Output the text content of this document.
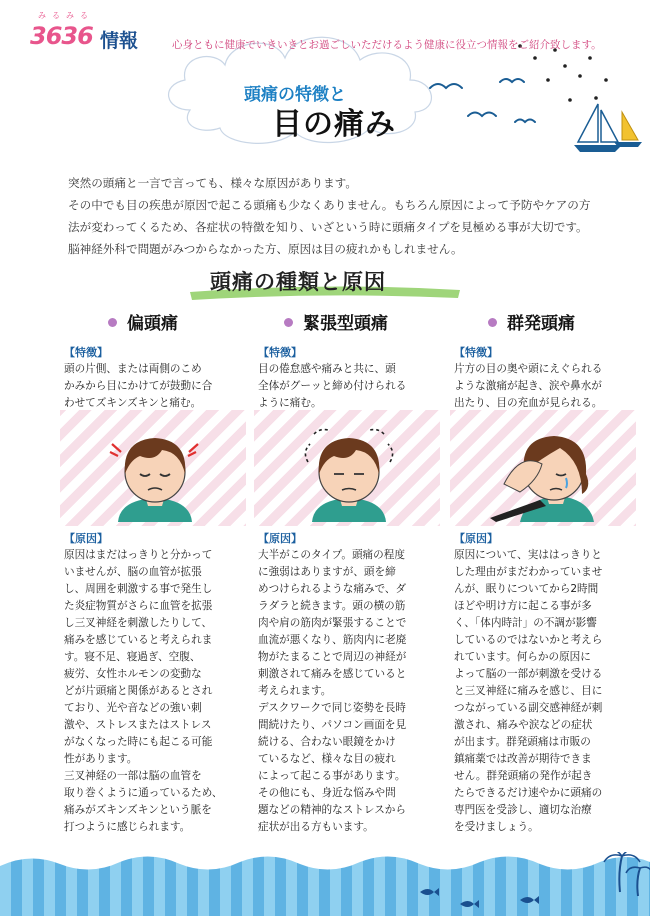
みるみる
3636 情報	心身ともに健康でいきいきとお過ごしいただけるよう健康に役立つ情報をご紹介致します。
頭痛の特徴と
目の痛み

突然の頭痛と一言で言っても、様々な原因があります。

その中でも目の疾患が原因で起こる頭痛も少なくありません。もちろん原因によって予防やケアの方

法が変わってくるため、各症状の特徴を知り、いざという時に頭痛タイプを見極める事が大切です。

脳神経外科で問題がみつからなかった方、原因は目の疲れかもしれません。

頭痛の種類と原因
偏頭痛	緊張型頭痛	群発頭痛
【特徴】

頭の片側、または両側のこめ

かみから目にかけてが鼓動に合

わせてズキンズキンと痛む。

【原因】

原因はまだはっきりと分かって

いませんが、脳の血管が拡張

し、周囲を刺激する事で発生し

た炎症物質がさらに血管を拡張

し三叉神経を刺激したりして、

痛みを感じていると考えられま

す。寝不足、寝過ぎ、空腹、

疲労、女性ホルモンの変動な

どが片頭痛と関係があるとされ

ており、光や音などの強い刺

激や、ストレスまたはストレス

がなくなった時にも起こる可能

性があります。

三叉神経の一部は脳の血管を

取り巻くように通っているため、

痛みがズキンズキンという脈を

打つように感じられます。

【特徴】

目の倦怠感や痛みと共に、頭

全体がグーッと締め付けられる

ように痛む。

【原因】

大半がこのタイプ。頭痛の程度

に強弱はありますが、頭を締

めつけられるような痛みで、ダ

ラダラと続きます。頭の横の筋

肉や肩の筋肉が緊張することで

血流が悪くなり、筋肉内に老廃

物がたまることで周辺の神経が

刺激されて痛みを感じていると

考えられます。

デスクワークで同じ姿勢を長時

間続けたり、パソコン画面を見

続ける、合わない眼鏡をかけ

ているなど、様々な目の疲れ

によって起こる事があります。

その他にも、身近な悩みや問

題などの精神的なストレスから

症状が出る方もいます。

【特徴】

片方の目の奥や頭にえぐられる

ような激痛が起き、涙や鼻水が

出たり、目の充血が見られる。

【原因】

原因について、実ははっきりと

した理由がまだわかっていませ

んが、眠りについてから2時間

ほどや明け方に起こる事が多

く、「体内時計」の不調が影響

しているのではないかと考えら

れています。何らかの原因に

よって脳の一部が刺激を受ける

と三叉神経に痛みを感じ、目に

つながっている副交感神経が刺

激され、痛みや涙などの症状

が出ます。群発頭痛は市販の

鎮痛薬では改善が期待できま

せん。群発頭痛の発作が起き

たらできるだけ速やかに頭痛の

専門医を受診し、適切な治療

を受けましょう。
